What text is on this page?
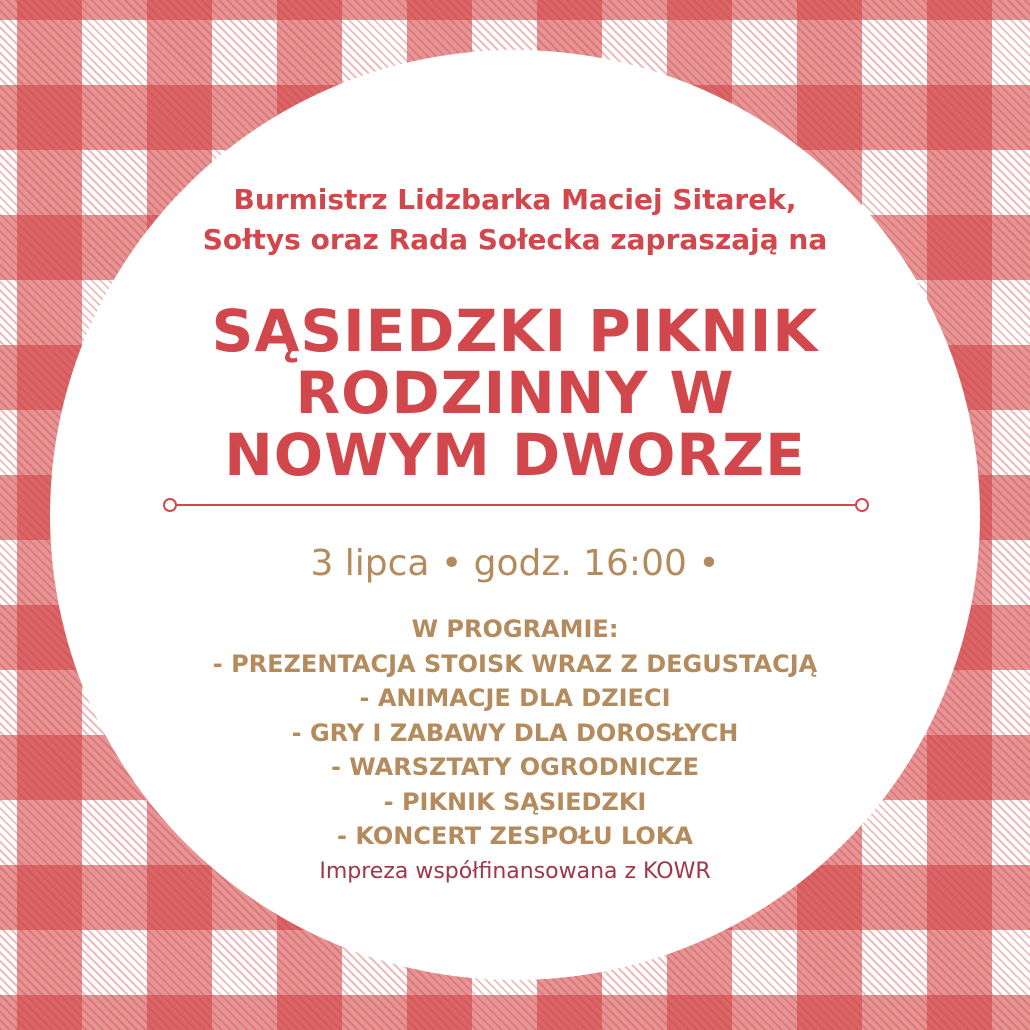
Burmistrz Lidzbarka Maciej Sitarek,
Sołtys oraz Rada Sołecka zapraszają na
SĄSIEDZKI PIKNIK
RODZINNY W
NOWYM DWORZE
3 lipca • godz. 16:00 •
W PROGRAMIE:
- PREZENTACJA STOISK WRAZ Z DEGUSTACJĄ
- ANIMACJE DLA DZIECI
- GRY I ZABAWY DLA DOROSŁYCH
- WARSZTATY OGRODNICZE
- PIKNIK SĄSIEDZKI
- KONCERT ZESPOŁU LOKA
Impreza współfinansowana z KOWR
